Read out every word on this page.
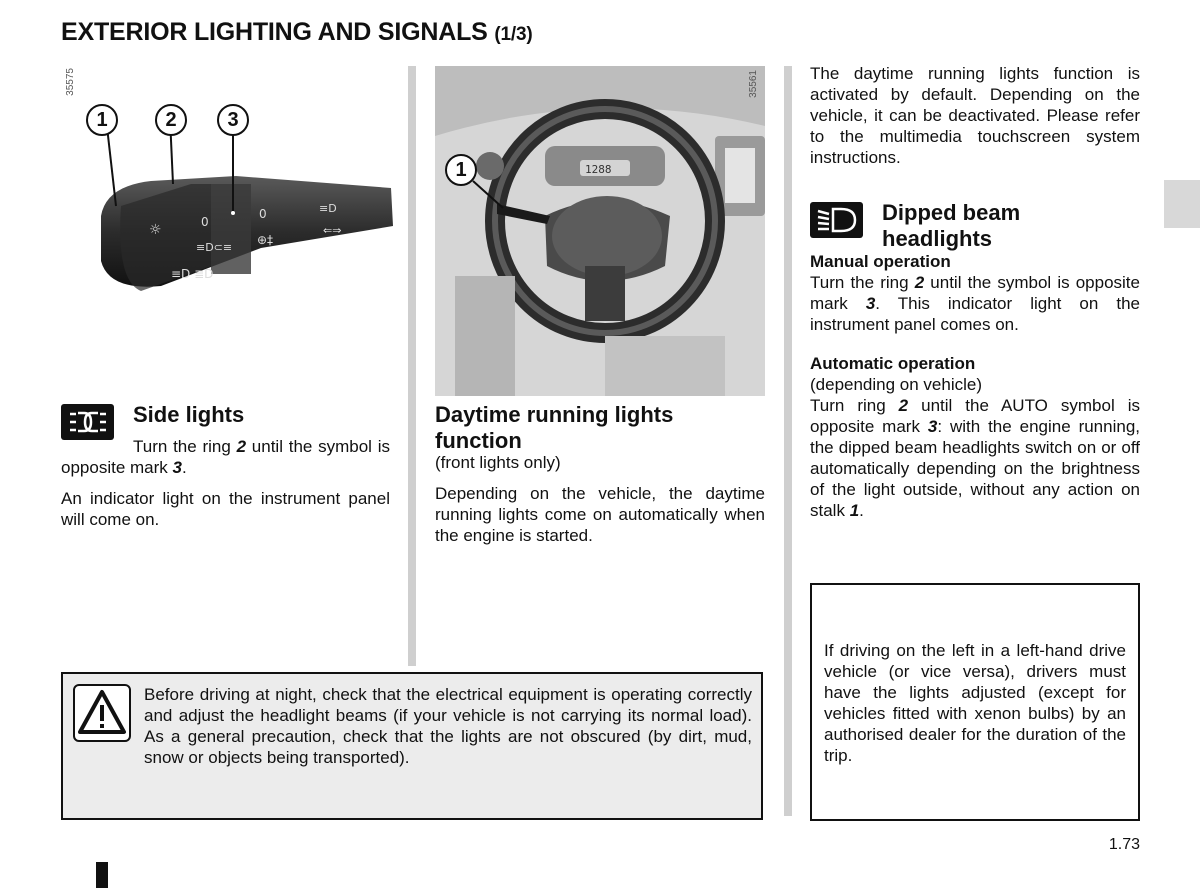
EXTERIOR LIGHTING AND SIGNALS (1/3)
☼	0
0
≡D⊂≡
≡D ≣D
⊕‡
≡D
⇐⇒
1	2	3
35575
1288
1
35561
Side lights

Turn the ring 2 until the symbol is opposite mark 3.

An indicator light on the instrument panel will come on.

Daytime running lights function
(front lights only)
Depending on the vehicle, the daytime running lights come on automatically when the engine is started.
The daytime running lights function is activated by default. Depending on the vehicle, it can be deactivated. Please refer to the multimedia touchscreen system instructions.
Dipped beam headlights
Manual operation

Turn the ring 2 until the symbol is opposite mark 3. This indicator light on the instrument panel comes on.

Automatic operation
(depending on vehicle)

Turn ring 2 until the AUTO symbol is opposite mark 3: with the engine running, the dipped beam headlights switch on or off automatically depending on the brightness of the light outside, without any action on stalk 1.

Before driving at night, check that the electrical equipment is operating correctly and adjust the headlight beams (if your vehicle is not carrying its normal load). As a general precaution, check that the lights are not obscured (by dirt, mud, snow or objects being transported).
If driving on the left in a left-hand drive vehicle (or vice versa), drivers must have the lights adjusted (except for vehicles fitted with xenon bulbs) by an authorised dealer for the duration of the trip.
1.73
